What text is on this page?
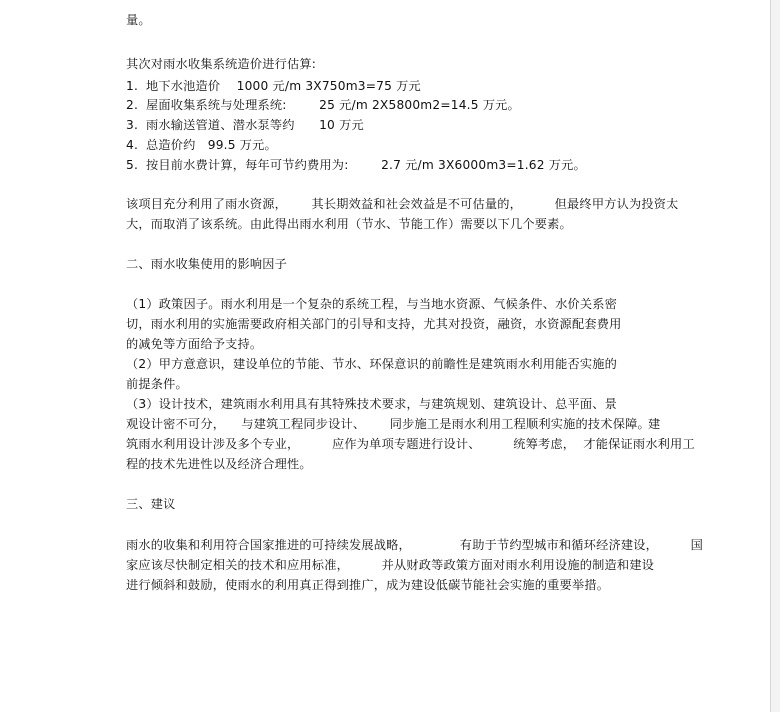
量。
其次对雨水收集系统造价进行估算:
1. 地下水池造价    1000 元/m 3X750m3=75 万元
2. 屋面收集系统与处理系统:        25 元/m 2X5800m2=14.5 万元。
3. 雨水输送管道、潜水泵等约      10 万元
4. 总造价约   99.5 万元。
5. 按目前水费计算，每年可节约费用为:        2.7 元/m 3X6000m3=1.62 万元。
该项目充分利用了雨水资源，      其长期效益和社会效益是不可估量的，        但最终甲方认为投资太
大，而取消了该系统。由此得出雨水利用（节水、节能工作）需要以下几个要素。
二、雨水收集使用的影响因子
（1）政策因子。雨水利用是一个复杂的系统工程，与当地水资源、气候条件、水价关系密
切，雨水利用的实施需要政府相关部门的引导和支持，尤其对投资，融资，水资源配套费用
的减免等方面给予支持。
（2）甲方意意识，建设单位的节能、节水、环保意识的前瞻性是建筑雨水利用能否实施的
前提条件。
（3）设计技术，建筑雨水利用具有其特殊技术要求，与建筑规划、建筑设计、总平面、景
观设计密不可分，    与建筑工程同步设计、      同步施工是雨水利用工程顺利实施的技术保障。
建
筑雨水利用设计涉及多个专业，        应作为单项专题进行设计、        统筹考虑，  才能保证雨水利用工
程的技术先进性以及经济合理性。
三、建议
雨水的收集和利用符合国家推进的可持续发展战略，            有助于节约型城市和循环经济建设，        国
家应该尽快制定相关的技术和应用标准，        并从财政等政策方面对雨水利用设施的制造和建设
进行倾斜和鼓励，使雨水的利用真正得到推广，成为建设低碳节能社会实施的重要举措。
